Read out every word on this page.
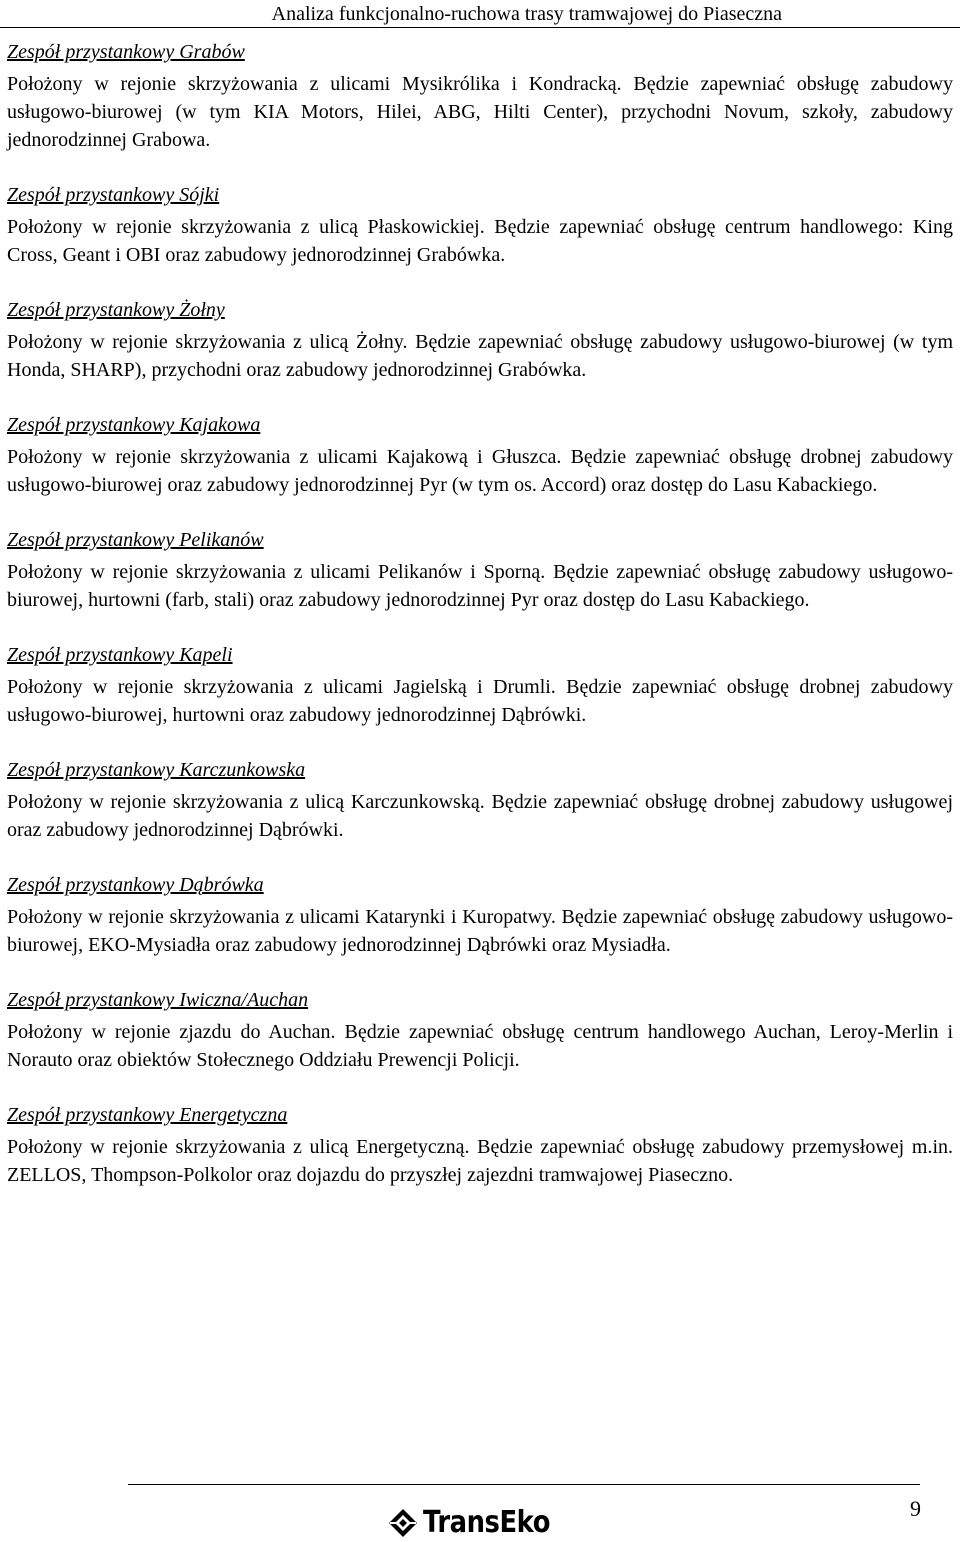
Analiza funkcjonalno-ruchowa trasy tramwajowej do Piaseczna
Zespół przystankowy Grabów

Położony w rejonie skrzyżowania z ulicami Mysikrólika i Kondracką. Będzie zapewniać obsługę zabudowy usługowo-biurowej (w tym KIA Motors, Hilei, ABG, Hilti Center), przychodni Novum, szkoły, zabudowy jednorodzinnej Grabowa.

Zespół przystankowy Sójki

Położony w rejonie skrzyżowania z ulicą Płaskowickiej. Będzie zapewniać obsługę centrum handlowego: King Cross, Geant i OBI oraz zabudowy jednorodzinnej Grabówka.

Zespół przystankowy Żołny

Położony w rejonie skrzyżowania z ulicą Żołny. Będzie zapewniać obsługę zabudowy usługowo-biurowej (w tym Honda, SHARP), przychodni oraz zabudowy jednorodzinnej Grabówka.

Zespół przystankowy Kajakowa

Położony w rejonie skrzyżowania z ulicami Kajakową i Głuszca. Będzie zapewniać obsługę drobnej zabudowy usługowo-biurowej oraz zabudowy jednorodzinnej Pyr (w tym os. Accord) oraz dostęp do Lasu Kabackiego.

Zespół przystankowy Pelikanów

Położony w rejonie skrzyżowania z ulicami Pelikanów i Sporną. Będzie zapewniać obsługę zabudowy usługowo-biurowej, hurtowni (farb, stali) oraz zabudowy jednorodzinnej Pyr oraz dostęp do Lasu Kabackiego.

Zespół przystankowy Kapeli

Położony w rejonie skrzyżowania z ulicami Jagielską i Drumli. Będzie zapewniać obsługę drobnej zabudowy usługowo-biurowej, hurtowni oraz zabudowy jednorodzinnej Dąbrówki.

Zespół przystankowy Karczunkowska

Położony w rejonie skrzyżowania z ulicą Karczunkowską. Będzie zapewniać obsługę drobnej zabudowy usługowej oraz zabudowy jednorodzinnej Dąbrówki.

Zespół przystankowy Dąbrówka

Położony w rejonie skrzyżowania z ulicami Katarynki i Kuropatwy. Będzie zapewniać obsługę zabudowy usługowo-biurowej, EKO-Mysiadła oraz zabudowy jednorodzinnej Dąbrówki oraz Mysiadła.

Zespół przystankowy Iwiczna/Auchan

Położony w rejonie zjazdu do Auchan. Będzie zapewniać obsługę centrum handlowego Auchan, Leroy-Merlin i Norauto oraz obiektów Stołecznego Oddziału Prewencji Policji.

Zespół przystankowy Energetyczna

Położony w rejonie skrzyżowania z ulicą Energetyczną. Będzie zapewniać obsługę zabudowy przemysłowej m.in. ZELLOS, Thompson-Polkolor oraz dojazdu do przyszłej zajezdni tramwajowej Piaseczno.

9
TransEko
